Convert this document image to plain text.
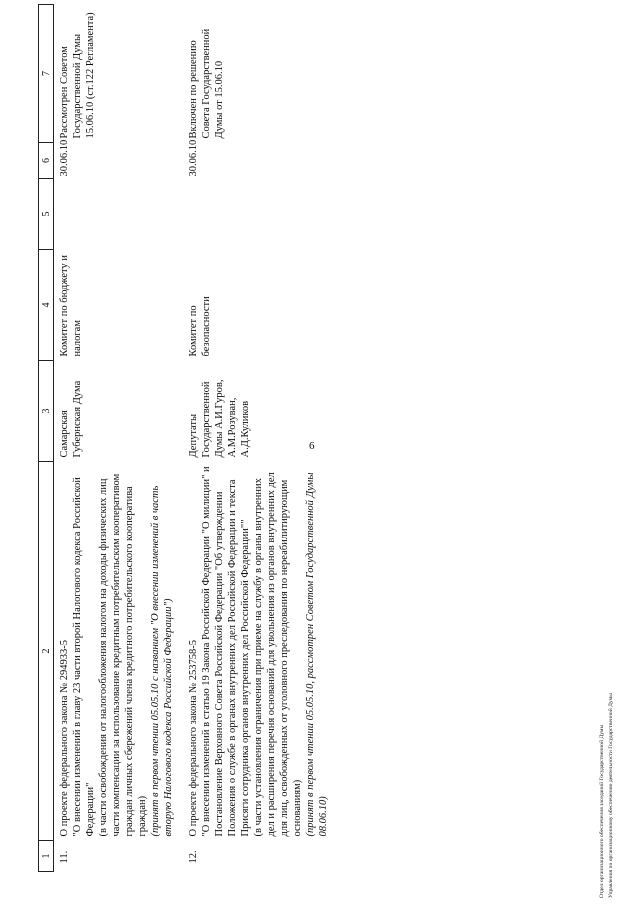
6
1	2	3	4	5	6	7
11.	О проекте федерального закона № 294933-5 "О внесении изменений в главу 23 части второй Налогового кодекса Российской Федерации" (в части освобождения от налогообложения налогом на доходы физических лиц части компенсации за использование кредитным потребительским кооперативом граждан личных сбережений члена кредитного потребительского кооператива граждан) (принят в первом чтении 05.05.10 с названием "О внесении изменений в часть вторую Налогового кодекса Российской Федерации")	Самарская Губернская Дума	Комитет по бюджету и налогам		30.06.10	Рассмотрен Советом Государственной Думы 15.06.10 (ст.122 Регламента)
12.	О проекте федерального закона № 253758-5 "О внесении изменений в статью 19 Закона Российской Федерации "О милиции" и Постановление Верховного Совета Российской Федерации "Об утверждении Положения о службе в органах внутренних дел Российской Федерации и текста Присяги сотрудника органов внутренних дел Российской Федерации"" (в части установления ограничения при приеме на службу в органы внутренних дел и расширения перечня оснований для увольнения из органов внутренних дел для лиц, освобожденных от уголовного преследования по нереабилитирующим основаниям) (принят в первом чтении 05.05.10, рассмотрен Советом Государственной Думы 08.06.10)	Депутаты Государственной Думы А.И.Гуров, А.М.Розуван, А.Д.Куликов	Комитет по безопасности		30.06.10	Включен по решению Совета Государственной Думы от 15.06.10
Отдел организационного обеспечения заседаний Государственной Думы Управления по организационному обеспечению деятельности Государственной Думы
